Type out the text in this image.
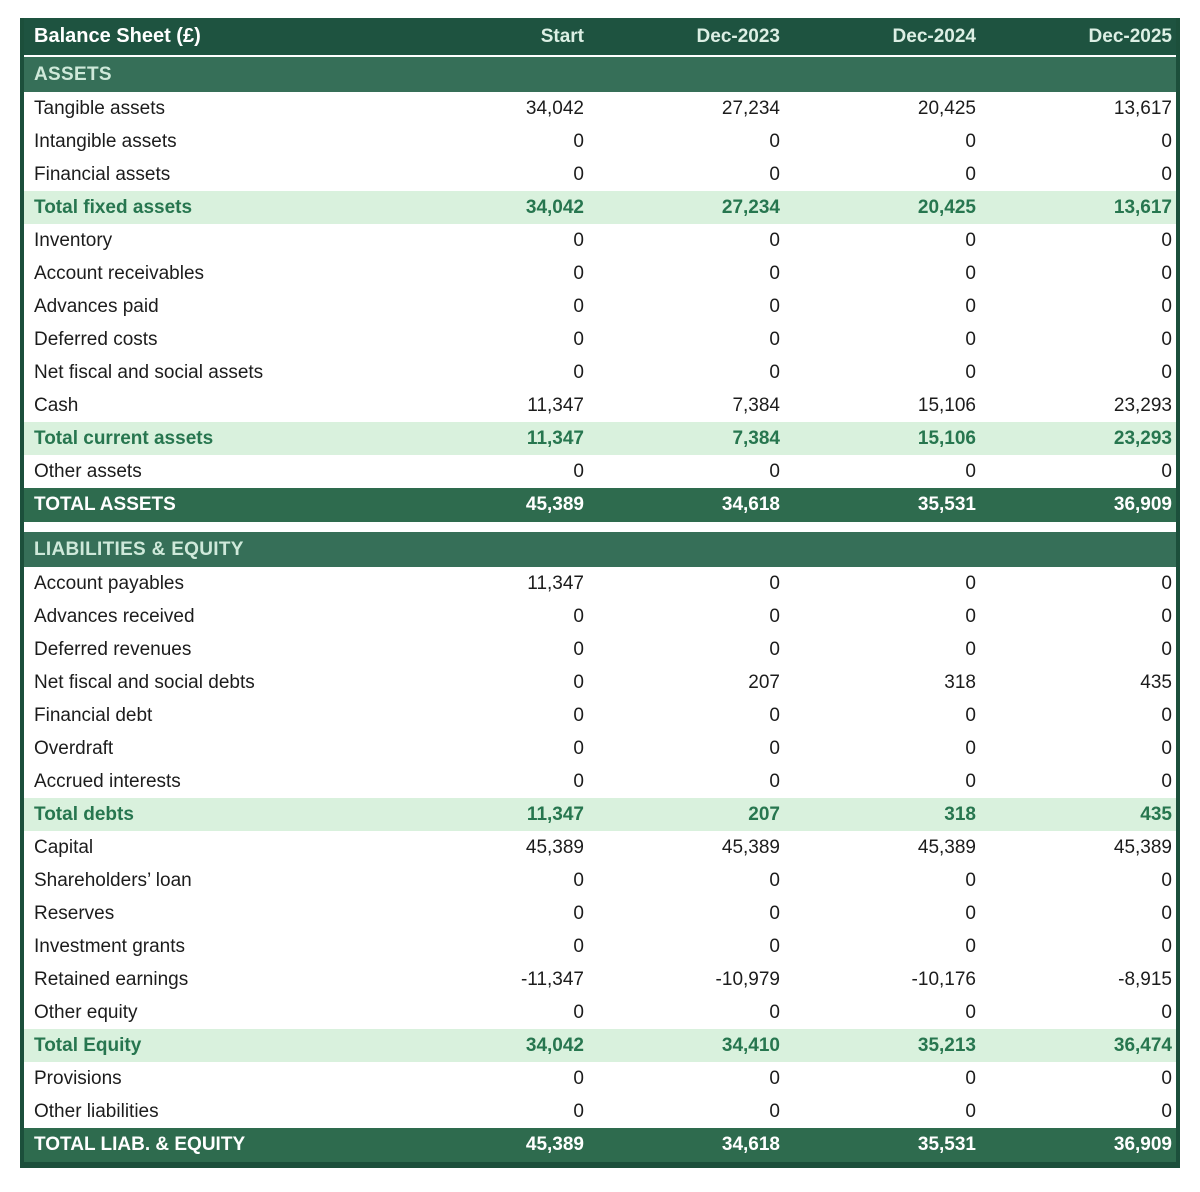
Balance Sheet (£)	Start	Dec-2023	Dec-2024	Dec-2025
ASSETS
Tangible assets	34,042	27,234	20,425	13,617
Intangible assets	0	0	0	0
Financial assets	0	0	0	0
Total fixed assets	34,042	27,234	20,425	13,617
Inventory	0	0	0	0
Account receivables	0	0	0	0
Advances paid	0	0	0	0
Deferred costs	0	0	0	0
Net fiscal and social assets	0	0	0	0
Cash	11,347	7,384	15,106	23,293
Total current assets	11,347	7,384	15,106	23,293
Other assets	0	0	0	0
TOTAL ASSETS	45,389	34,618	35,531	36,909
LIABILITIES & EQUITY
Account payables	11,347	0	0	0
Advances received	0	0	0	0
Deferred revenues	0	0	0	0
Net fiscal and social debts	0	207	318	435
Financial debt	0	0	0	0
Overdraft	0	0	0	0
Accrued interests	0	0	0	0
Total debts	11,347	207	318	435
Capital	45,389	45,389	45,389	45,389
Shareholders’ loan	0	0	0	0
Reserves	0	0	0	0
Investment grants	0	0	0	0
Retained earnings	-11,347	-10,979	-10,176	-8,915
Other equity	0	0	0	0
Total Equity	34,042	34,410	35,213	36,474
Provisions	0	0	0	0
Other liabilities	0	0	0	0
TOTAL LIAB. & EQUITY	45,389	34,618	35,531	36,909
